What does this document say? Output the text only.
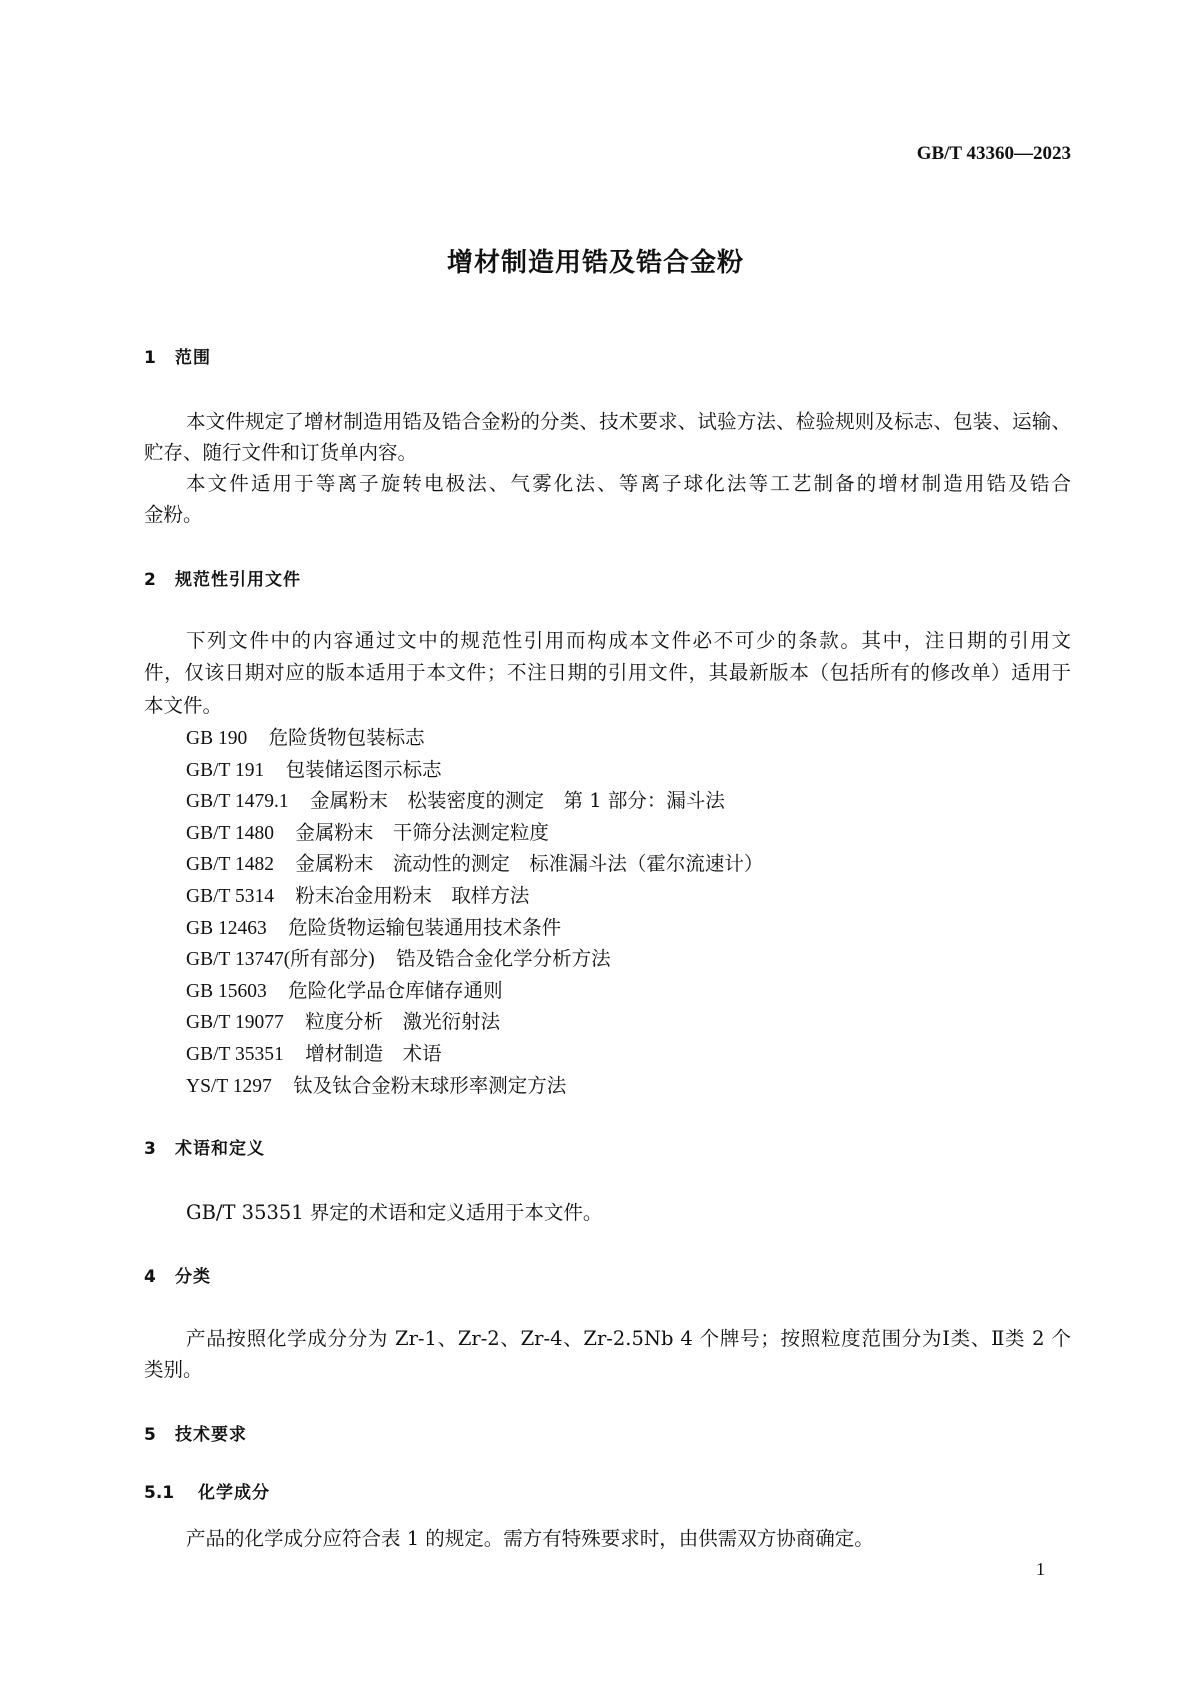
GB/T 43360—2023
增材制造用锆及锆合金粉
1 范围
本文件规定了增材制造用锆及锆合金粉的分类、技术要求、试验方法、检验规则及标志、包装、运输、
贮存、随行文件和订货单内容。
本文件适用于等离子旋转电极法、气雾化法、等离子球化法等工艺制备的增材制造用锆及锆合
金粉。
2 规范性引用文件
下列文件中的内容通过文中的规范性引用而构成本文件必不可少的条款。其中，注日期的引用文
件，仅该日期对应的版本适用于本文件；不注日期的引用文件，其最新版本（包括所有的修改单）适用于
本文件。
GB 190 危险货物包装标志
GB/T 191 包装储运图示标志
GB/T 1479.1 金属粉末　松装密度的测定　第 1 部分：漏斗法
GB/T 1480 金属粉末　干筛分法测定粒度
GB/T 1482 金属粉末　流动性的测定　标准漏斗法（霍尔流速计）
GB/T 5314 粉末冶金用粉末　取样方法
GB 12463 危险货物运输包装通用技术条件
GB/T 13747(所有部分) 锆及锆合金化学分析方法
GB 15603 危险化学品仓库储存通则
GB/T 19077 粒度分析　激光衍射法
GB/T 35351 增材制造　术语
YS/T 1297 钛及钛合金粉末球形率测定方法
3 术语和定义
GB/T 35351 界定的术语和定义适用于本文件。
4 分类
产品按照化学成分分为 Zr-1、Zr-2、Zr-4、Zr-2.5Nb 4 个牌号；按照粒度范围分为Ⅰ类、Ⅱ类 2 个
类别。
5 技术要求
5.1 化学成分
产品的化学成分应符合表 1 的规定。需方有特殊要求时，由供需双方协商确定。
1
